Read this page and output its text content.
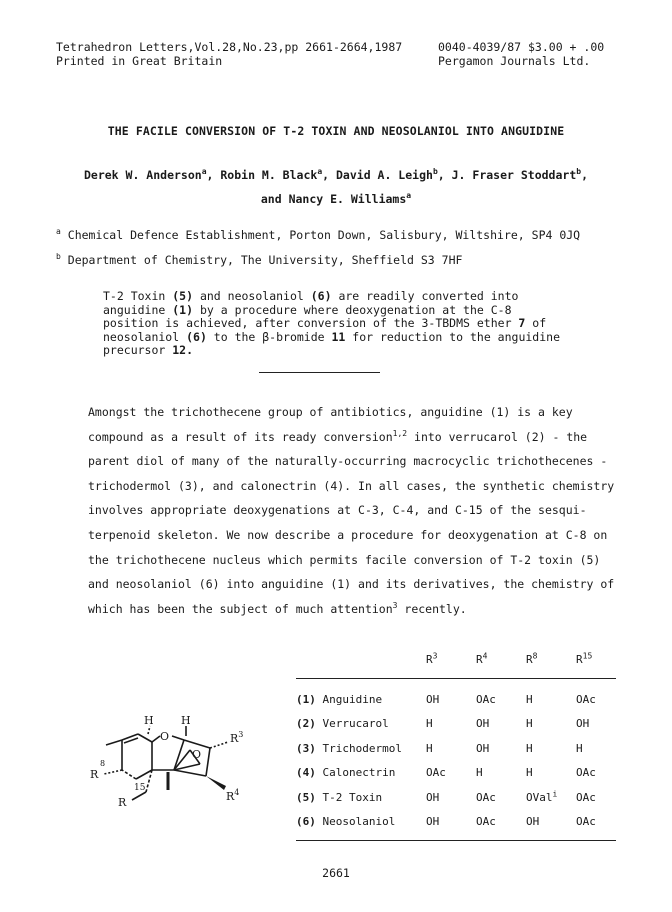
Tetrahedron Letters,Vol.28,No.23,pp 2661-2664,1987
Printed in Great Britain
0040-4039/87 $3.00 + .00
Pergamon Journals Ltd.
THE FACILE CONVERSION OF T-2 TOXIN AND NEOSOLANIOL INTO ANGUIDINE
Derek W. Anderson$^a$, Robin M. Black$^a$, David A. Leigh$^b$, J. Fraser Stoddart$^b$,
and Nancy E. Williams$^a$
$^a$ Chemical Defence Establishment, Porton Down, Salisbury, Wiltshire, SP4 0JQ
$^b$ Department of Chemistry, The University, Sheffield S3 7HF

T-2 Toxin (5) and neosolaniol (6) are readily converted into anguidine (1) by a procedure where deoxygenation at the C-8 position is achieved, after conversion of the 3-TBDMS ether 7 of neosolaniol (6) to the β-bromide 11 for reduction to the anguidine precursor 12.

Amongst the trichothecene group of antibiotics, anguidine (1) is a key compound as a result of its ready conversion$^{1,2}$ into verrucarol (2) - the parent diol of many of the naturally-occurring macrocyclic trichothecenes - trichodermol (3), and calonectrin (4). In all cases, the synthetic chemistry involves appropriate deoxygenations at C-3, C-4, and C-15 of the sesqui-terpenoid skeleton. We now describe a procedure for deoxygenation at C-8 on the trichothecene nucleus which permits facile conversion of T-2 toxin (5) and neosolaniol (6) into anguidine (1) and its derivatives, the chemistry of which has been the subject of much attention$^3$ recently.

H H
O
O
$R^3$
$R^4$
R
8
15
R
	$R^3$	$R^4$	$R^8$	$R^{15}$

(1) Anguidine	OH	OAc	H	OAc
(2) Verrucarol	H	OH	H	OH
(3) Trichodermol	H	OH	H	H
(4) Calonectrin	OAc	H	H	OAc
(5) T-2 Toxin	OH	OAc	OVal$^i$	OAc
(6) Neosolaniol	OH	OAc	OH	OAc

2661
